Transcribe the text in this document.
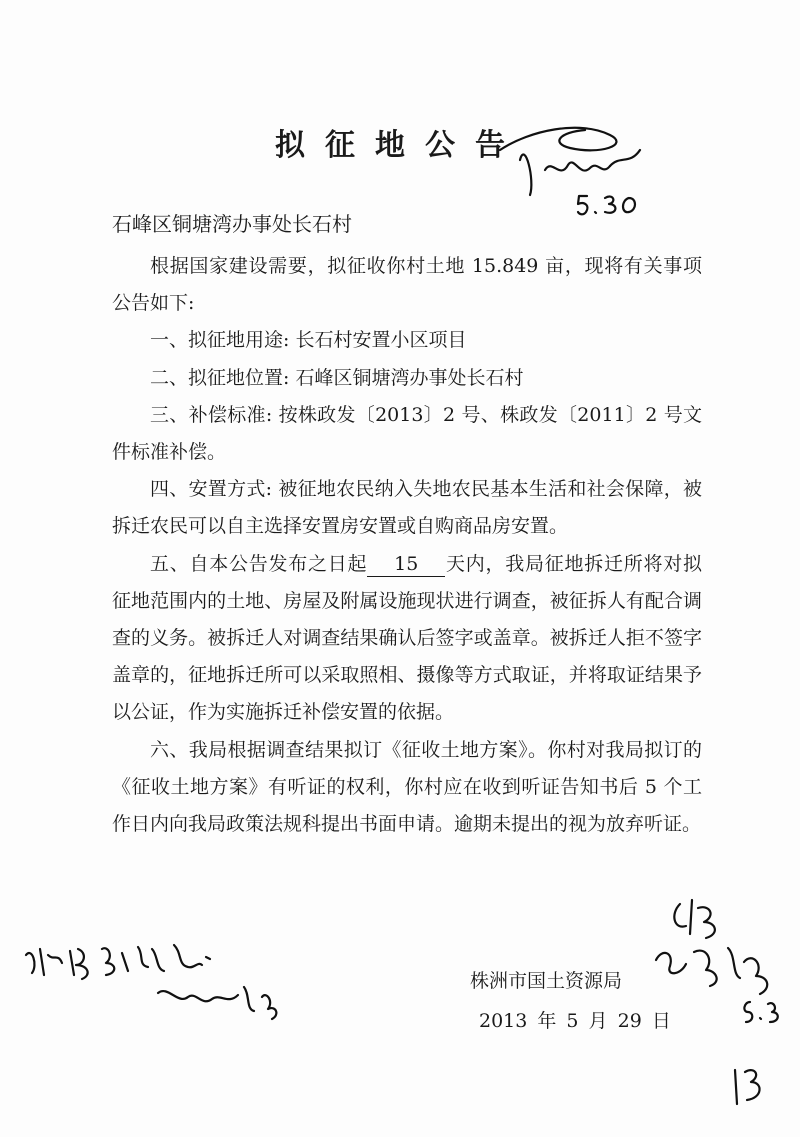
拟征地公告

石峰区铜塘湾办事处长石村

根据国家建设需要，拟征收你村土地 15.849 亩，现将有关事项公告如下:

一、拟征地用途: 长石村安置小区项目

二、拟征地位置: 石峰区铜塘湾办事处长石村

三、补偿标准: 按株政发〔2013〕2 号、株政发〔2011〕2 号文件标准补偿。

四、安置方式: 被征地农民纳入失地农民基本生活和社会保障，被拆迁农民可以自主选择安置房安置或自购商品房安置。

五、自本公告发布之日起 15 天内，我局征地拆迁所将对拟征地范围内的土地、房屋及附属设施现状进行调查，被征拆人有配合调查的义务。被拆迁人对调查结果确认后签字或盖章。被拆迁人拒不签字盖章的，征地拆迁所可以采取照相、摄像等方式取证，并将取证结果予以公证，作为实施拆迁补偿安置的依据。

六、我局根据调查结果拟订《征收土地方案》。你村对我局拟订的《征收土地方案》有听证的权利，你村应在收到听证告知书后 5 个工作日内向我局政策法规科提出书面申请。逾期未提出的视为放弃听证。

株洲市国土资源局

2013 年 5 月 29 日
